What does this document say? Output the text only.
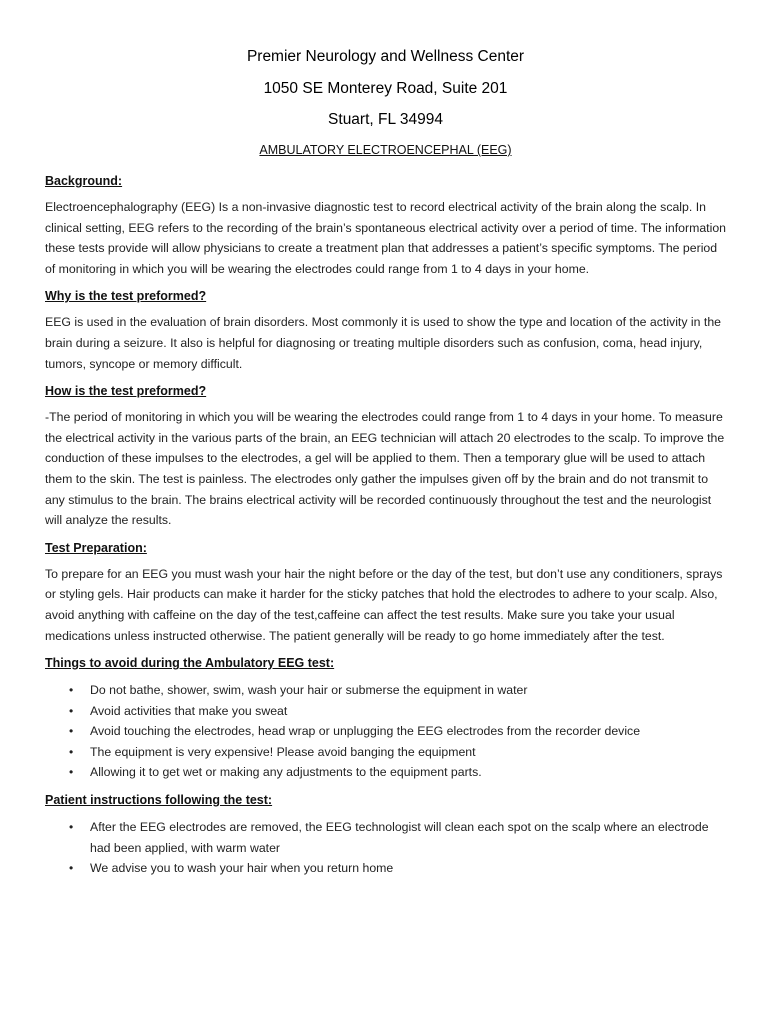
Premier Neurology and Wellness Center
1050 SE Monterey Road, Suite 201
Stuart, FL 34994
AMBULATORY ELECTROENCEPHAL (EEG)
Background:

Electroencephalography (EEG) Is a non-invasive diagnostic test to record electrical activity of the brain along the scalp. In clinical setting, EEG refers to the recording of the brain’s spontaneous electrical activity over a period of time. The information these tests provide will allow physicians to create a treatment plan that addresses a patient’s specific symptoms. The period of monitoring in which you will be wearing the electrodes could range from 1 to 4 days in your home.

Why is the test preformed?

EEG is used in the evaluation of brain disorders. Most commonly it is used to show the type and location of the activity in the brain during a seizure. It also is helpful for diagnosing or treating multiple disorders such as confusion, coma, head injury, tumors, syncope or memory difficult.

How is the test preformed?

-The period of monitoring in which you will be wearing the electrodes could range from 1 to 4 days in your home. To measure the electrical activity in the various parts of the brain, an EEG technician will attach 20 electrodes to the scalp. To improve the conduction of these impulses to the electrodes, a gel will be applied to them. Then a temporary glue will be used to attach them to the skin. The test is painless. The electrodes only gather the impulses given off by the brain and do not transmit to any stimulus to the brain. The brains electrical activity will be recorded continuously throughout the test and the neurologist will analyze the results.

Test Preparation:

To prepare for an EEG you must wash your hair the night before or the day of the test, but don’t use any conditioners, sprays or styling gels. Hair products can make it harder for the sticky patches that hold the electrodes to adhere to your scalp. Also, avoid anything with caffeine on the day of the test,caffeine can affect the test results. Make sure you take your usual medications unless instructed otherwise. The patient generally will be ready to go home immediately after the test.

Things to avoid during the Ambulatory EEG test:
• Do not bathe, shower, swim, wash your hair or submerse the equipment in water
• Avoid activities that make you sweat
• Avoid touching the electrodes, head wrap or unplugging the EEG electrodes from the recorder device
• The equipment is very expensive! Please avoid banging the equipment
• Allowing it to get wet or making any adjustments to the equipment parts.
Patient instructions following the test:
• After the EEG electrodes are removed, the EEG technologist will clean each spot on the scalp where an electrode had been applied, with warm water
• We advise you to wash your hair when you return home
